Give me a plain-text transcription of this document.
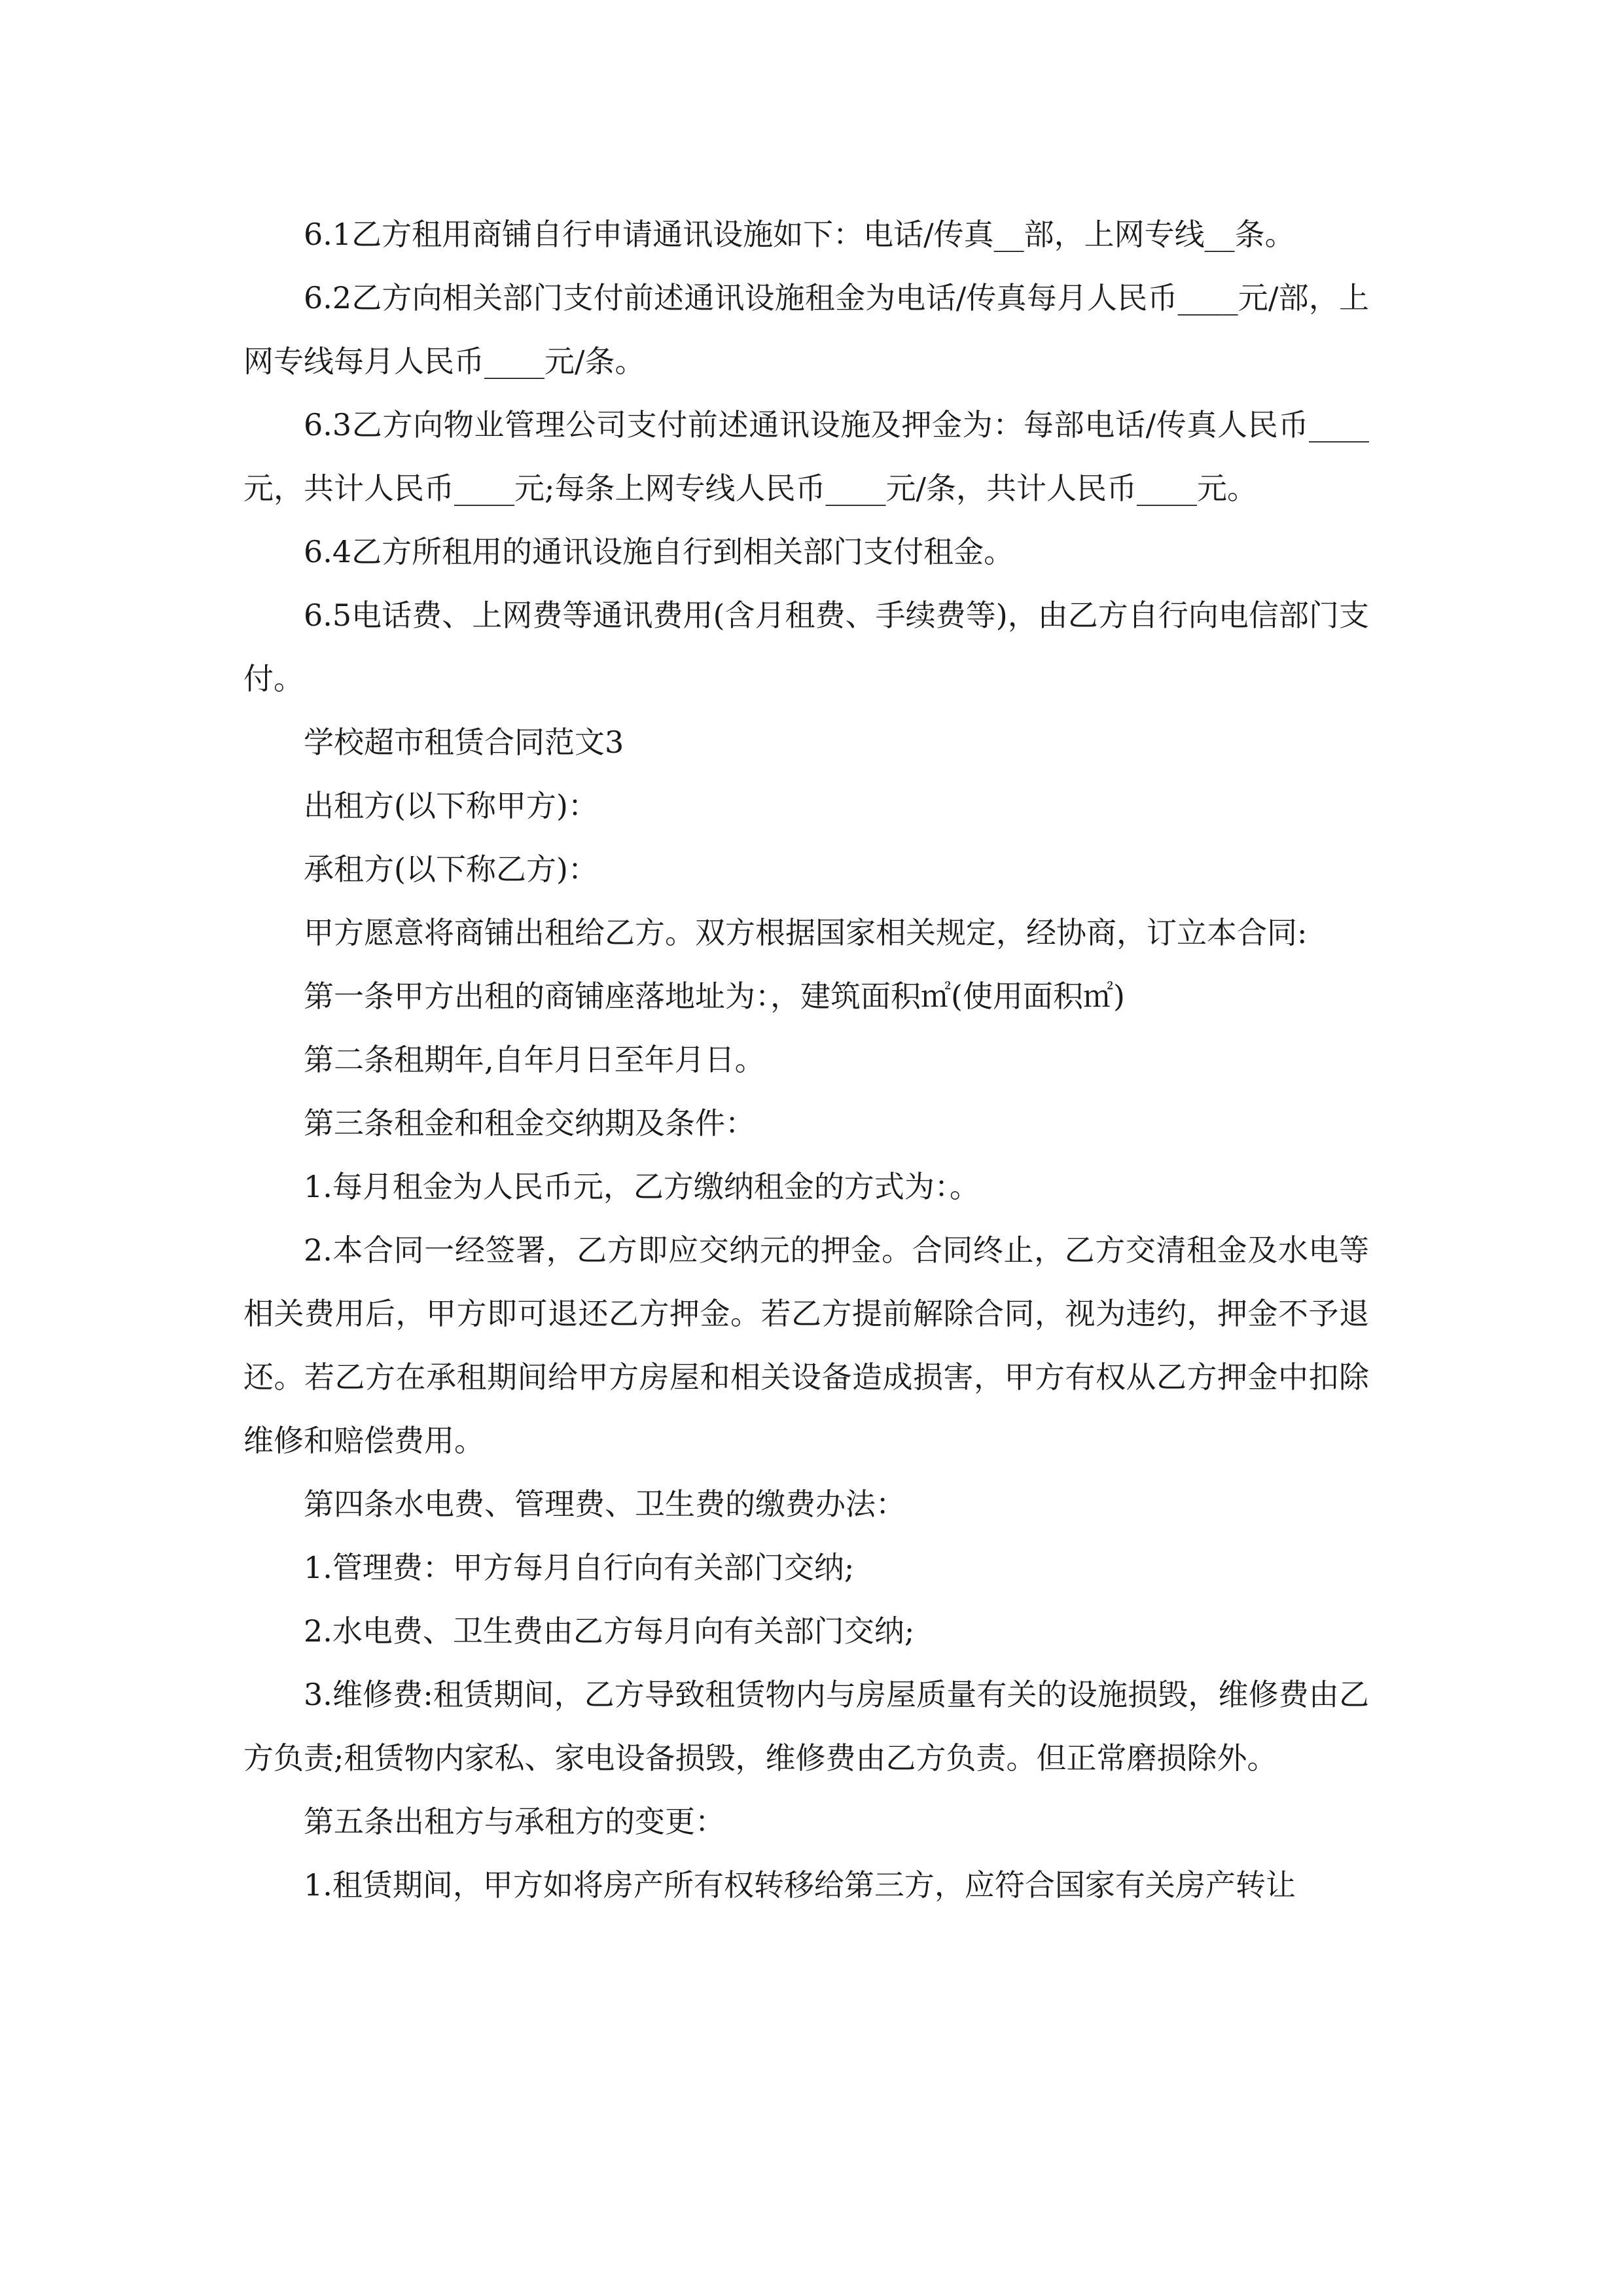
6.1乙方租用商铺自行申请通讯设施如下：电话/传真__部，上网专线__条。

6.2乙方向相关部门支付前述通讯设施租金为电话/传真每月人民币____元/部，上网专线每月人民币____元/条。

6.3乙方向物业管理公司支付前述通讯设施及押金为：每部电话/传真人民币____元，共计人民币____元;每条上网专线人民币____元/条，共计人民币____元。

6.4乙方所租用的通讯设施自行到相关部门支付租金。

6.5电话费、上网费等通讯费用(含月租费、手续费等)，由乙方自行向电信部门支付。

学校超市租赁合同范文3

出租方(以下称甲方)：

承租方(以下称乙方)：

甲方愿意将商铺出租给乙方。双方根据国家相关规定，经协商，订立本合同:

第一条甲方出租的商铺座落地址为：，建筑面积㎡(使用面积㎡)

第二条租期年,自年月日至年月日。

第三条租金和租金交纳期及条件：

1.每月租金为人民币元，乙方缴纳租金的方式为：。

2.本合同一经签署，乙方即应交纳元的押金。合同终止，乙方交清租金及水电等相关费用后，甲方即可退还乙方押金。若乙方提前解除合同，视为违约，押金不予退还。若乙方在承租期间给甲方房屋和相关设备造成损害，甲方有权从乙方押金中扣除维修和赔偿费用。

第四条水电费、管理费、卫生费的缴费办法：

1.管理费：甲方每月自行向有关部门交纳;

2.水电费、卫生费由乙方每月向有关部门交纳;

3.维修费:租赁期间，乙方导致租赁物内与房屋质量有关的设施损毁，维修费由乙方负责;租赁物内家私、家电设备损毁，维修费由乙方负责。但正常磨损除外。

第五条出租方与承租方的变更：

1.租赁期间，甲方如将房产所有权转移给第三方，应符合国家有关房产转让
